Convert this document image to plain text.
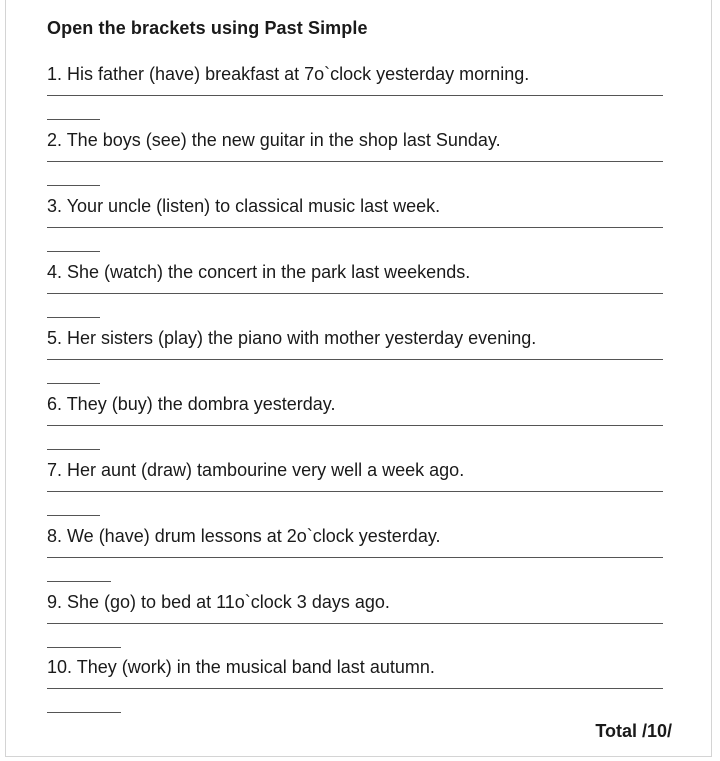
Open the brackets using Past Simple
1. His father (have) breakfast at 7o`clock yesterday morning.
2. The boys (see) the new guitar in the shop last Sunday.
3. Your uncle (listen) to classical music last week.
4. She (watch) the concert in the park last weekends.
5. Her sisters (play) the piano with mother yesterday evening.
6. They (buy) the dombra yesterday.
7. Her aunt (draw) tambourine very well a week ago.
8. We (have) drum lessons at 2o`clock yesterday.
9. She (go) to bed at 11o`clock 3 days ago.
10. They (work) in the musical band last autumn.
Total /10/
